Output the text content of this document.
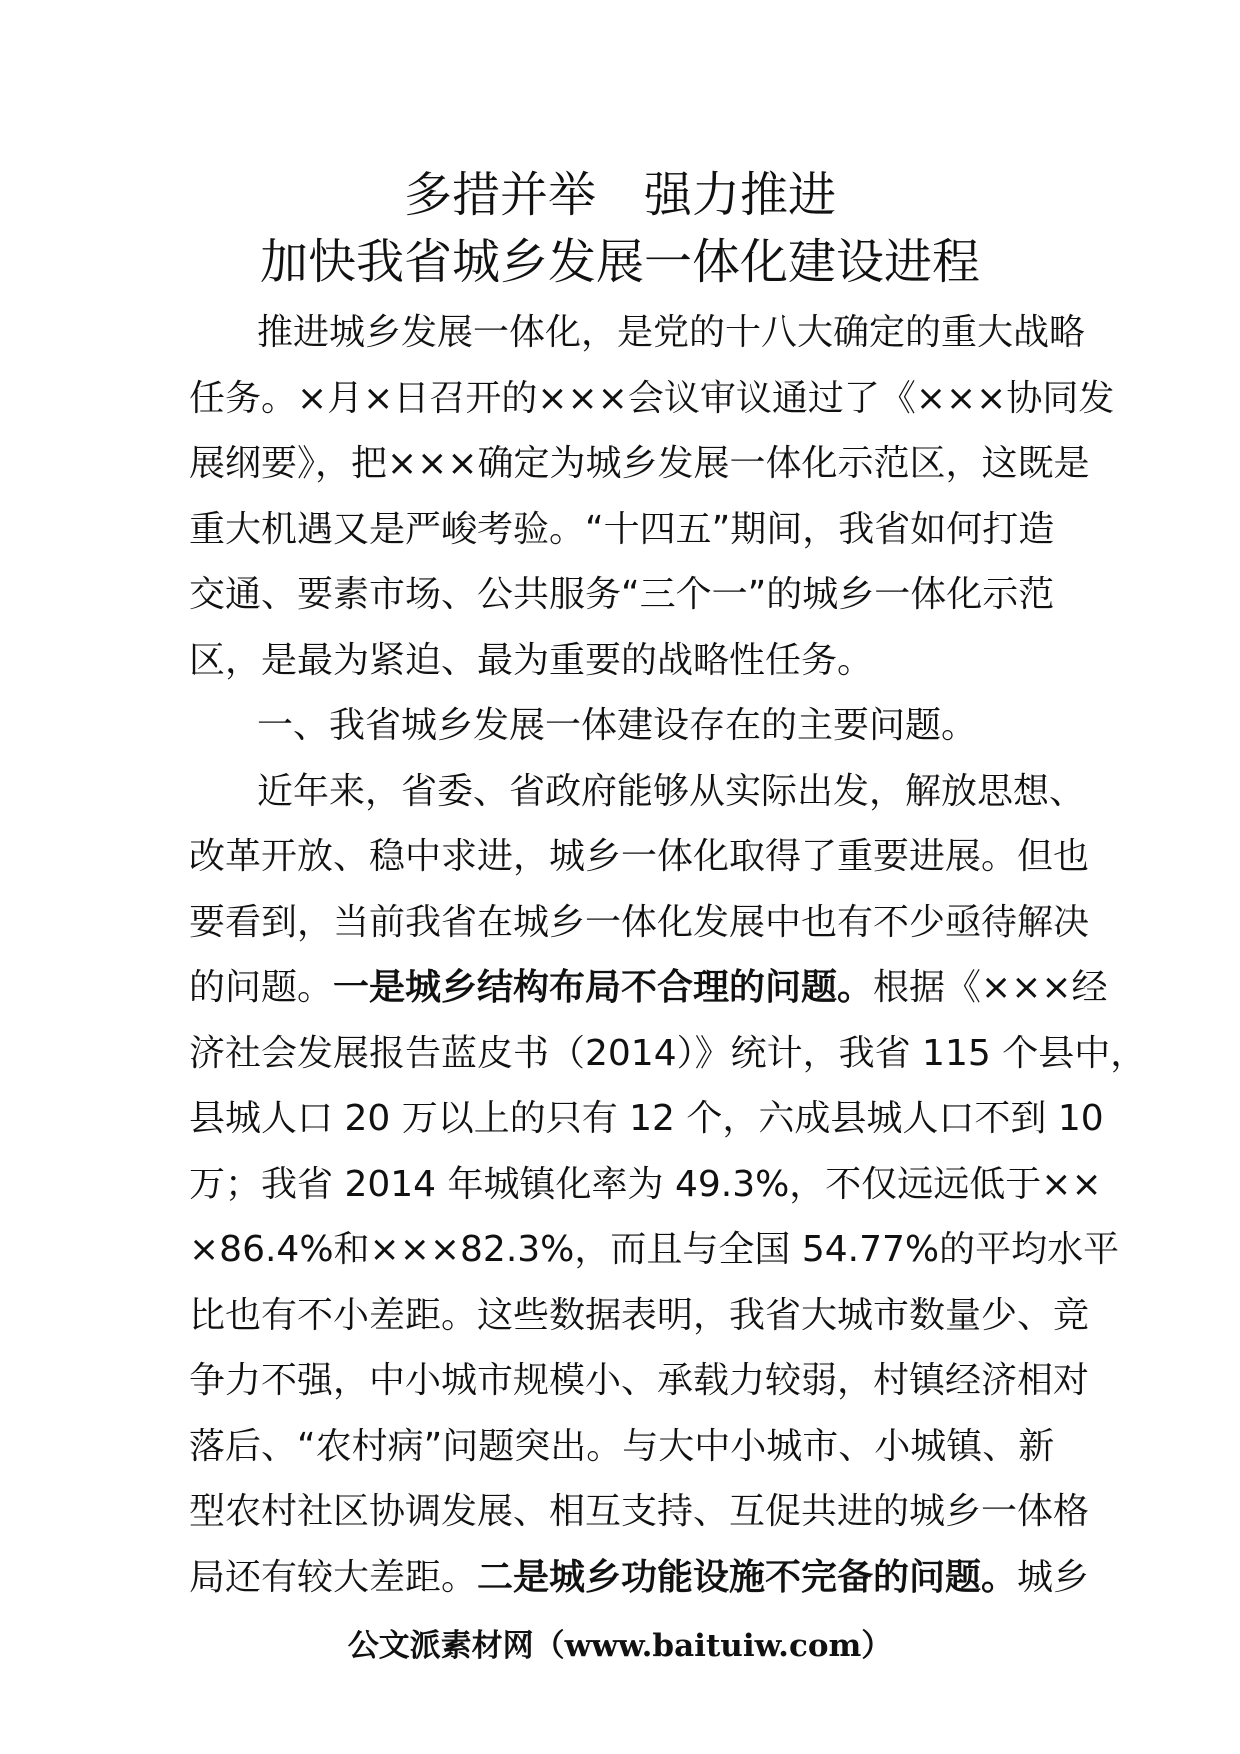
多措并举 强力推进
加快我省城乡发展一体化建设进程
推进城乡发展一体化，是党的十八大确定的重大战略
任务。×月×日召开的×××会议审议通过了《×××协同发
展纲要》，把×××确定为城乡发展一体化示范区，这既是
重大机遇又是严峻考验。“十四五”期间，我省如何打造
交通、要素市场、公共服务“三个一”的城乡一体化示范
区，是最为紧迫、最为重要的战略性任务。
一、我省城乡发展一体建设存在的主要问题。
近年来，省委、省政府能够从实际出发，解放思想、
改革开放、稳中求进，城乡一体化取得了重要进展。但也
要看到，当前我省在城乡一体化发展中也有不少亟待解决
的问题。一是城乡结构布局不合理的问题。根据《×××经
济社会发展报告蓝皮书（2014）》统计，我省 115 个县中，
县城人口 20 万以上的只有 12 个，六成县城人口不到 10
万；我省 2014 年城镇化率为 49.3%，不仅远远低于××
×86.4%和×××82.3%，而且与全国 54.77%的平均水平
比也有不小差距。这些数据表明，我省大城市数量少、竞
争力不强，中小城市规模小、承载力较弱，村镇经济相对
落后、“农村病”问题突出。与大中小城市、小城镇、新
型农村社区协调发展、相互支持、互促共进的城乡一体格
局还有较大差距。二是城乡功能设施不完备的问题。城乡
公文派素材网（www.baituiw.com）
